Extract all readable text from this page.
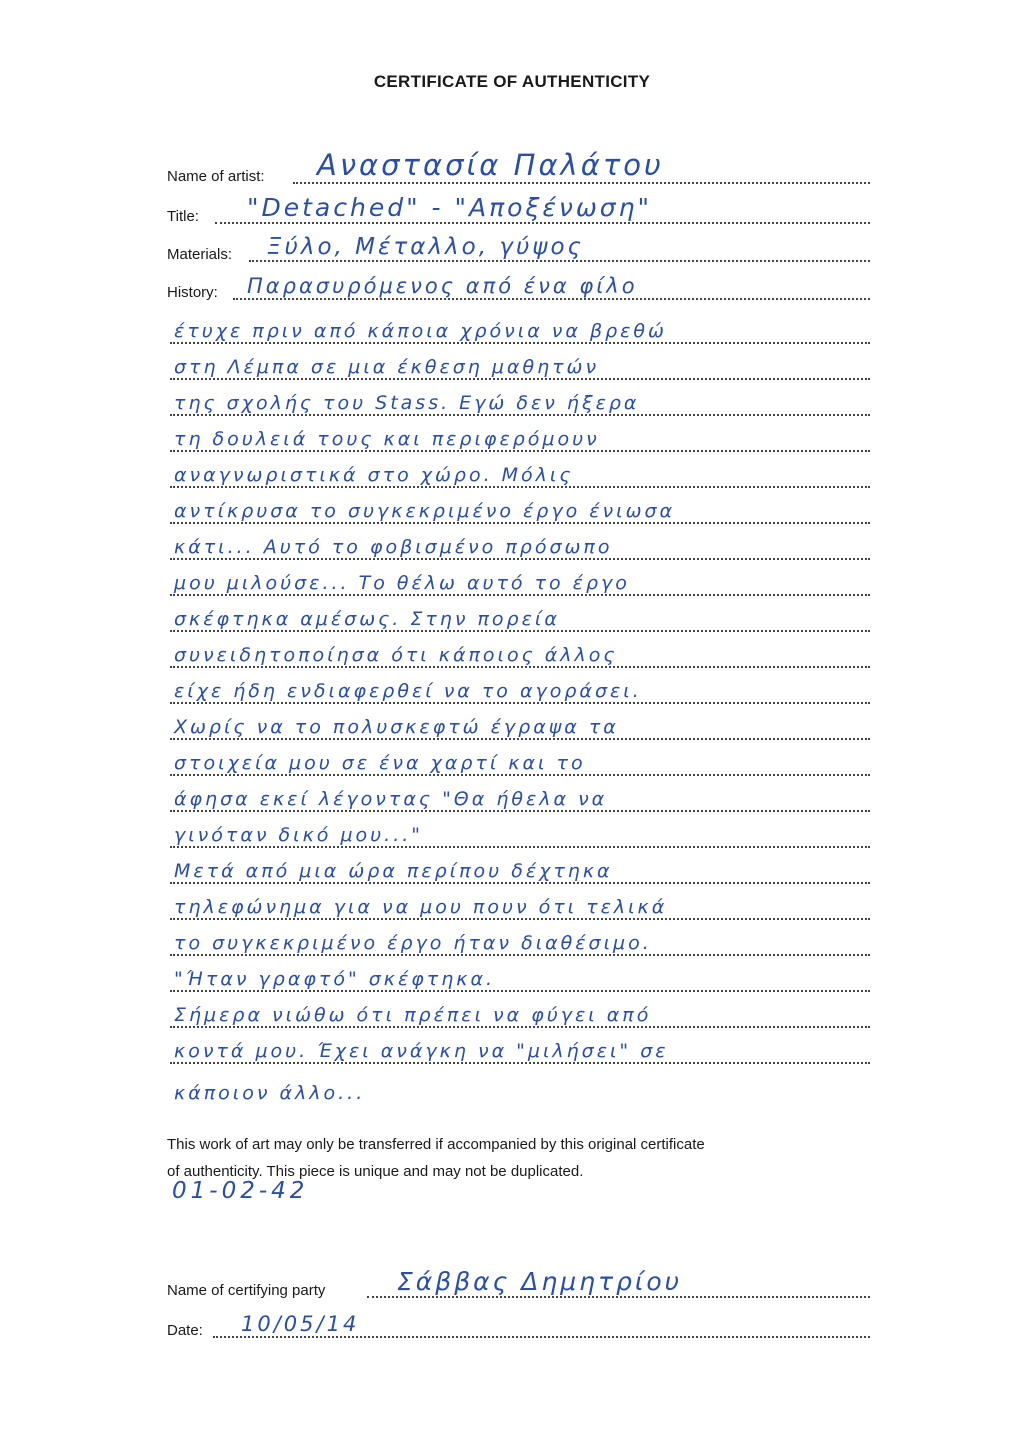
CERTIFICATE OF AUTHENTICITY
Name of artist: Αναστασία Παλάτου
Title: "Detached" - "Αποξένωση"
Materials: Ξύλο, Μέταλλο, γύψος
History: Παρασυρόμενος από ένα φίλο
έτυχε πριν από κάποια χρόνια να βρεθώ
στη Λέμπα σε μια έκθεση μαθητών
της σχολής του Stass. Εγώ δεν ήξερα
τη δουλειά τους και περιφερόμουν
αναγνωριστικά στο χώρο. Μόλις
αντίκρυσα το συγκεκριμένο έργο ένιωσα
κάτι... Αυτό το φοβισμένο πρόσωπο
μου μιλούσε... Το θέλω αυτό το έργο
σκέφτηκα αμέσως. Στην πορεία
συνειδητοποίησα ότι κάποιος άλλος
είχε ήδη ενδιαφερθεί να το αγοράσει.
Χωρίς να το πολυσκεφτώ έγραψα τα
στοιχεία μου σε ένα χαρτί και το
άφησα εκεί λέγοντας "Θα ήθελα να
γινόταν δικό μου..."
Μετά από μια ώρα περίπου δέχτηκα
τηλεφώνημα για να μου πουν ότι τελικά
το συγκεκριμένο έργο ήταν διαθέσιμο.
"Ήταν γραφτό" σκέφτηκα.
Σήμερα νιώθω ότι πρέπει να φύγει από
κοντά μου. Έχει ανάγκη να "μιλήσει" σε
κάποιον άλλο...
This work of art may only be transferred if accompanied by this original certificate
of authenticity. This piece is unique and may not be duplicated.
01-02-42
Name of certifying party	Σάββας Δημητρίου
Date: 10/05/14
